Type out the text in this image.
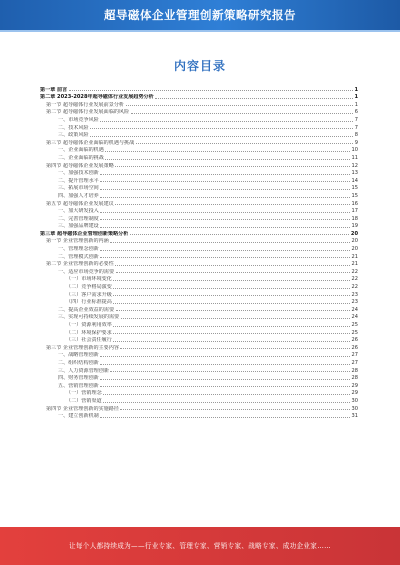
超导磁体企业管理创新策略研究报告
内容目录
第一章 前言	1
第二章 2023-2028年超导磁体行业发展趋势分析	1
第一节 超导磁体行业发展前景分析	1
第二节 超导磁体行业发展面临的风险	6
一、市场竞争风险	7
二、技术风险	7
三、政策风险	8
第三节 超导磁体企业面临的机遇与挑战	9
一、企业面临的机遇	10
二、企业面临的挑战	11
第四节 超导磁体企业发展策略	12
一、加强技术创新	13
二、提升管理水平	14
三、拓展市场空间	15
四、加强人才培养	15
第五节 超导磁体企业发展建议	16
一、加大研发投入	17
二、完善管理制度	18
三、加强品牌建设	19
第三章 超导磁体企业管理创新策略分析	20
第一节 企业管理创新的内涵	20
一、管理理念创新	20
二、管理模式创新	21
第二节 企业管理创新的必要性	21
一、适应市场竞争的需要	22
（一）市场环境变化	22
（二）竞争格局演变	22
（三）客户需求升级	23
（四）行业标准提高	23
二、提高企业效益的需要	24
三、实现可持续发展的需要	24
（一）资源利用效率	25
（二）环境保护要求	25
（三）社会责任履行	26
第三节 企业管理创新的主要内容	26
一、战略管理创新	27
二、组织结构创新	27
三、人力资源管理创新	28
四、财务管理创新	28
五、营销管理创新	29
（一）营销理念	29
（二）营销渠道	30
第四节 企业管理创新的实施路径	30
一、建立创新机制	31
让每个人都持续成为——行业专家、管理专家、营销专家、战略专家、成功企业家……
